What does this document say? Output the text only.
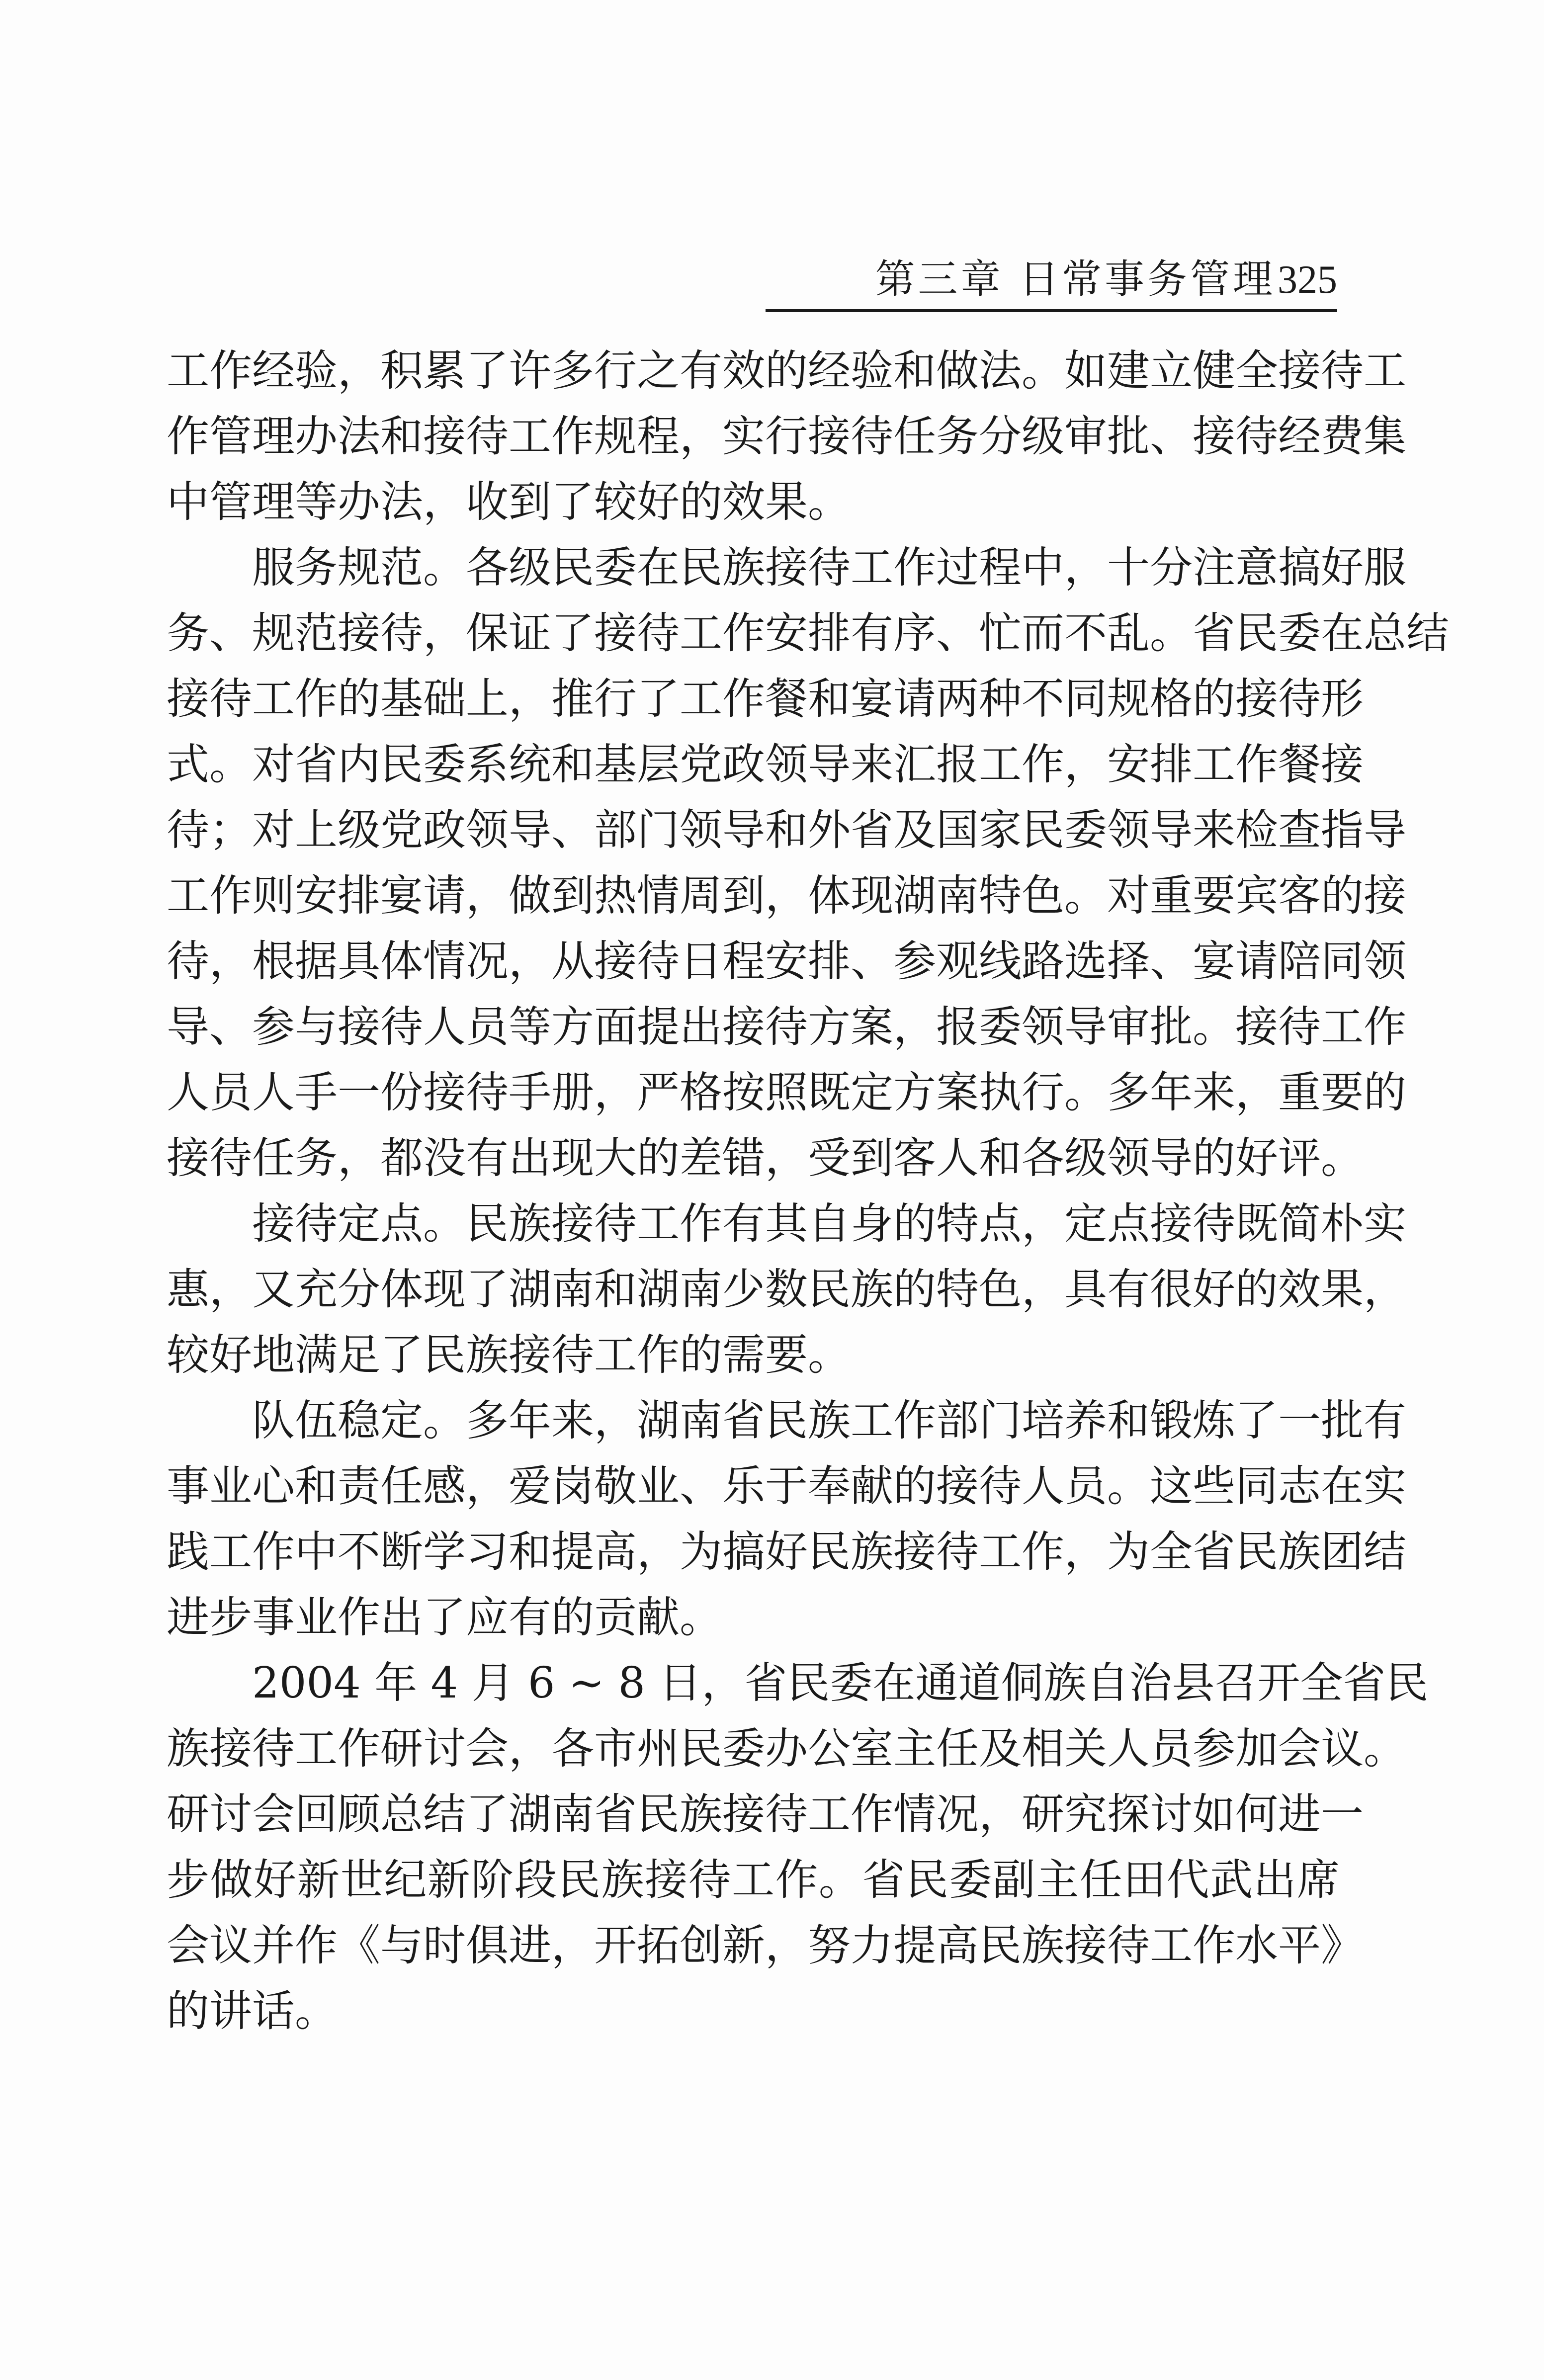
第三章 日常事务管理325

工作经验，积累了许多行之有效的经验和做法。如建立健全接待工
作管理办法和接待工作规程，实行接待任务分级审批、接待经费集
中管理等办法，收到了较好的效果。

服务规范。各级民委在民族接待工作过程中，十分注意搞好服
务、规范接待，保证了接待工作安排有序、忙而不乱。省民委在总结
接待工作的基础上，推行了工作餐和宴请两种不同规格的接待形
式。对省内民委系统和基层党政领导来汇报工作，安排工作餐接
待；对上级党政领导、部门领导和外省及国家民委领导来检查指导
工作则安排宴请，做到热情周到，体现湖南特色。对重要宾客的接
待，根据具体情况，从接待日程安排、参观线路选择、宴请陪同领
导、参与接待人员等方面提出接待方案，报委领导审批。接待工作
人员人手一份接待手册，严格按照既定方案执行。多年来，重要的
接待任务，都没有出现大的差错，受到客人和各级领导的好评。

接待定点。民族接待工作有其自身的特点，定点接待既简朴实
惠，又充分体现了湖南和湖南少数民族的特色，具有很好的效果，
较好地满足了民族接待工作的需要。

队伍稳定。多年来，湖南省民族工作部门培养和锻炼了一批有
事业心和责任感，爱岗敬业、乐于奉献的接待人员。这些同志在实
践工作中不断学习和提高，为搞好民族接待工作，为全省民族团结
进步事业作出了应有的贡献。

2004 年 4 月 6 ~ 8 日，省民委在通道侗族自治县召开全省民
族接待工作研讨会，各市州民委办公室主任及相关人员参加会议。
研讨会回顾总结了湖南省民族接待工作情况，研究探讨如何进一
步做好新世纪新阶段民族接待工作。省民委副主任田代武出席
会议并作《与时俱进，开拓创新，努力提高民族接待工作水平》
的讲话。
